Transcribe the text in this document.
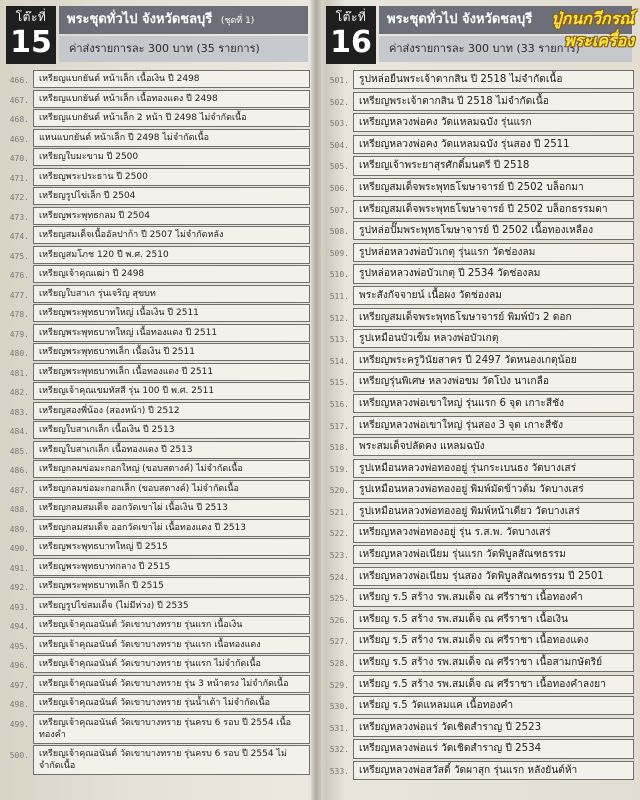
โต๊ะที่
15
พระชุดทั่วไป จังหวัดชลบุรี (ชุดที่ 1)
ค่าส่งรายการละ 300 บาท (35 รายการ)
466.	เหรียญแบกยันต์ หน้าเล็ก เนื้อเงิน ปี 2498
467.	เหรียญแบกยันต์ หน้าเล็ก เนื้อทองแดง ปี 2498
468.	เหรียญแบกยันต์ หน้าเล็ก 2 หน้า ปี 2498 ไม่จำกัดเนื้อ
469.	แหนแบกยันต์ หน้าเล็ก ปี 2498 ไม่จำกัดเนื้อ
470.	เหรียญใบมะขาม ปี 2500
471.	เหรียญพระประธาน ปี 2500
472.	เหรียญรูปไข่เล็ก ปี 2504
473.	เหรียญพระพุทธกลม ปี 2504
474.	เหรียญสมเด็จเนื้ออัลปาก้า ปี 2507 ไม่จำกัดหลัง
475.	เหรียญสมโภช 120 ปี พ.ศ. 2510
476.	เหรียญเจ้าคุณเฒ่า ปี 2498
477.	เหรียญใบสาเก รุ่นเจริญ สุขบท
478.	เหรียญพระพุทธบาทใหญ่ เนื้อเงิน ปี 2511
479.	เหรียญพระพุทธบาทใหญ่ เนื้อทองแดง ปี 2511
480.	เหรียญพระพุทธบาทเล็ก เนื้อเงิน ปี 2511
481.	เหรียญพระพุทธบาทเล็ก เนื้อทองแดง ปี 2511
482.	เหรียญเจ้าคุณเขมทัสสี รุ่น 100 ปี พ.ศ. 2511
483.	เหรียญสองพี่น้อง (สองหน้า) ปี 2512
484.	เหรียญใบสาเกเล็ก เนื้อเงิน ปี 2513
485.	เหรียญใบสาเกเล็ก เนื้อทองแดง ปี 2513
486.	เหรียญกลมข่อมะกอกใหญ่ (ขอบสตางค์) ไม่จำกัดเนื้อ
487.	เหรียญกลมข่อมะกอกเล็ก (ขอบสตางค์) ไม่จำกัดเนื้อ
488.	เหรียญกลมสมเด็จ ออกวัดเขาไผ่ เนื้อเงิน ปี 2513
489.	เหรียญกลมสมเด็จ ออกวัดเขาไผ่ เนื้อทองแดง ปี 2513
490.	เหรียญพระพุทธบาทใหญ่ ปี 2515
491.	เหรียญพระพุทธบาทกลาง ปี 2515
492.	เหรียญพระพุทธบาทเล็ก ปี 2515
493.	เหรียญรูปไข่สมเด็จ (ไม่มีห่วง) ปี 2535
494.	เหรียญเจ้าคุณอนันต์ วัดเขาบางทราย รุ่นแรก เนื้อเงิน
495.	เหรียญเจ้าคุณอนันต์ วัดเขาบางทราย รุ่นแรก เนื้อทองแดง
496.	เหรียญเจ้าคุณอนันต์ วัดเขาบางทราย รุ่นแรก ไม่จำกัดเนื้อ
497.	เหรียญเจ้าคุณอนันต์ วัดเขาบางทราย รุ่น 3 หน้าตรง ไม่จำกัดเนื้อ
498.	เหรียญเจ้าคุณอนันต์ วัดเขาบางทราย รุ่นน้ำเต้า ไม่จำกัดเนื้อ
499.	เหรียญเจ้าคุณอนันต์ วัดเขาบางทราย รุ่นครบ 6 รอบ ปี 2554 เนื้อทองคำ
500.	เหรียญเจ้าคุณอนันต์ วัดเขาบางทราย รุ่นครบ 6 รอบ ปี 2554 ไม่จำกัดเนื้อ
โต๊ะที่
16
พระชุดทั่วไป จังหวัดชลบุรี
ค่าส่งรายการละ 300 บาท (33 รายการ)
501. รูปหล่อยืนพระเจ้าตากสิน ปี 2518 ไม่จำกัดเนื้อ
502. เหรียญพระเจ้าตากสิน ปี 2518 ไม่จำกัดเนื้อ
503. เหรียญหลวงพ่อคง วัดแหลมฉบัง รุ่นแรก
504. เหรียญหลวงพ่อคง วัดแหลมฉบัง รุ่นสอง ปี 2511
505. เหรียญเจ้าพระยาสุรศักดิ์มนตรี ปี 2518
506. เหรียญสมเด็จพระพุทธโฆษาจารย์ ปี 2502 บล็อกมา
507. เหรียญสมเด็จพระพุทธโฆษาจารย์ ปี 2502 บล็อกธรรมดา
508. รูปหล่อปั๊มพระพุทธโฆษาจารย์ ปี 2502 เนื้อทองเหลือง
509. รูปหล่อหลวงพ่อบัวเกตุ รุ่นแรก วัดช่องลม
510. รูปหล่อหลวงพ่อบัวเกตุ ปี 2534 วัดช่องลม
511. พระสังกัจจายน์ เนื้อผง วัดช่องลม
512. เหรียญสมเด็จพระพุทธโฆษาจารย์ พิมพ์บัว 2 ดอก
513. รูปเหมือนบัวเข็ม หลวงพ่อบัวเกตุ
514. เหรียญพระครูวินัยสาคร ปี 2497 วัดหนองเกตุน้อย
515. เหรียญรุ่นพิเศษ หลวงพ่อขม วัดโป่ง นาเกลือ
516. เหรียญหลวงพ่อเขาใหญ่ รุ่นแรก 6 จุด เกาะสีชัง
517. เหรียญหลวงพ่อเขาใหญ่ รุ่นสอง 3 จุด เกาะสีชัง
518. พระสมเด็จปลัดคง แหลมฉบัง
519. รูปเหมือนหลวงพ่อทองอยู่ รุ่นกระเบนธง วัดบางเสร่
520. รูปเหมือนหลวงพ่อทองอยู่ พิมพ์มัดข้าวต้ม วัดบางเสร่
521. รูปเหมือนหลวงพ่อทองอยู่ พิมพ์หน้าเดียว วัดบางเสร่
522. เหรียญหลวงพ่อทองอยู่ รุ่น ร.ส.พ. วัดบางเสร่
523. เหรียญหลวงพ่อเนียม รุ่นแรก วัดพิบูลสัณฑธรรม
524. เหรียญหลวงพ่อเนียม รุ่นสอง วัดพิบูลสัณฑธรรม ปี 2501
525. เหรียญ ร.5 สร้าง รพ.สมเด็จ ณ ศรีราชา เนื้อทองคำ
526. เหรียญ ร.5 สร้าง รพ.สมเด็จ ณ ศรีราชา เนื้อเงิน
527. เหรียญ ร.5 สร้าง รพ.สมเด็จ ณ ศรีราชา เนื้อทองแดง
528. เหรียญ ร.5 สร้าง รพ.สมเด็จ ณ ศรีราชา เนื้อสามกษัตริย์
529. เหรียญ ร.5 สร้าง รพ.สมเด็จ ณ ศรีราชา เนื้อทองคำลงยา
530. เหรียญ ร.5 วัดแหลมแค เนื้อทองคำ
531. เหรียญหลวงพ่อแร่ วัดเชิดสำราญ ปี 2523
532. เหรียญหลวงพ่อแร่ วัดเชิดสำราญ ปี 2534
533. เหรียญหลวงพ่อสวัสดิ์ วัดผาสุก รุ่นแรก หลังยันต์ห้า
ปู่กนกวีกรณ์
พระเครื่อง
